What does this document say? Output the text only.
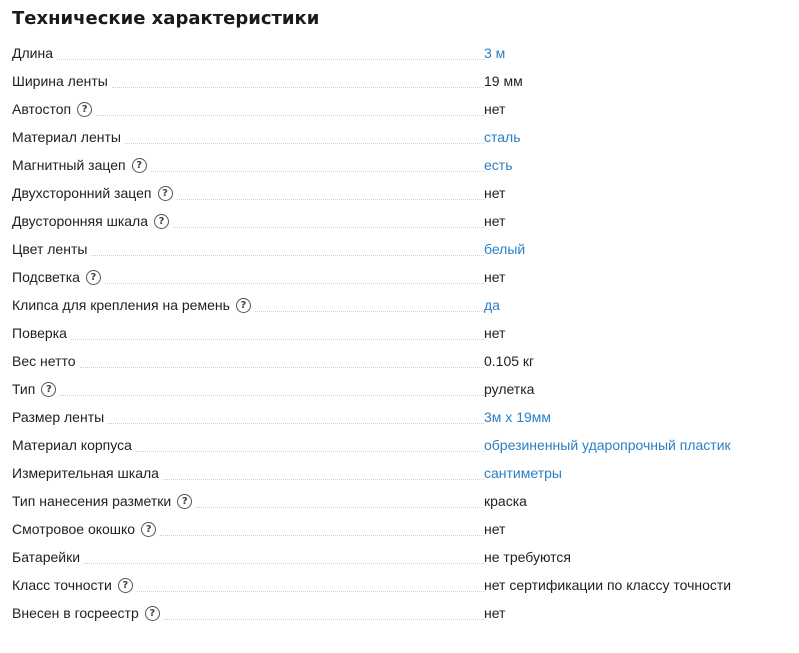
Технические характеристики
Длина	3 м
Ширина ленты	19 мм
Автостоп	?	нет
Материал ленты	сталь
Магнитный зацеп	?	есть
Двухсторонний зацеп	?	нет
Двусторонняя шкала	?	нет
Цвет ленты	белый
Подсветка	?	нет
Клипса для крепления на ремень	?	да
Поверка	нет
Вес нетто	0.105 кг
Тип	?	рулетка
Размер ленты	3м х 19мм
Материал корпуса	обрезиненный ударопрочный пластик
Измерительная шкала	сантиметры
Тип нанесения разметки	?	краска
Смотровое окошко	?	нет
Батарейки	не требуются
Класс точности	?	нет сертификации по классу точности
Внесен в госреестр	?	нет
